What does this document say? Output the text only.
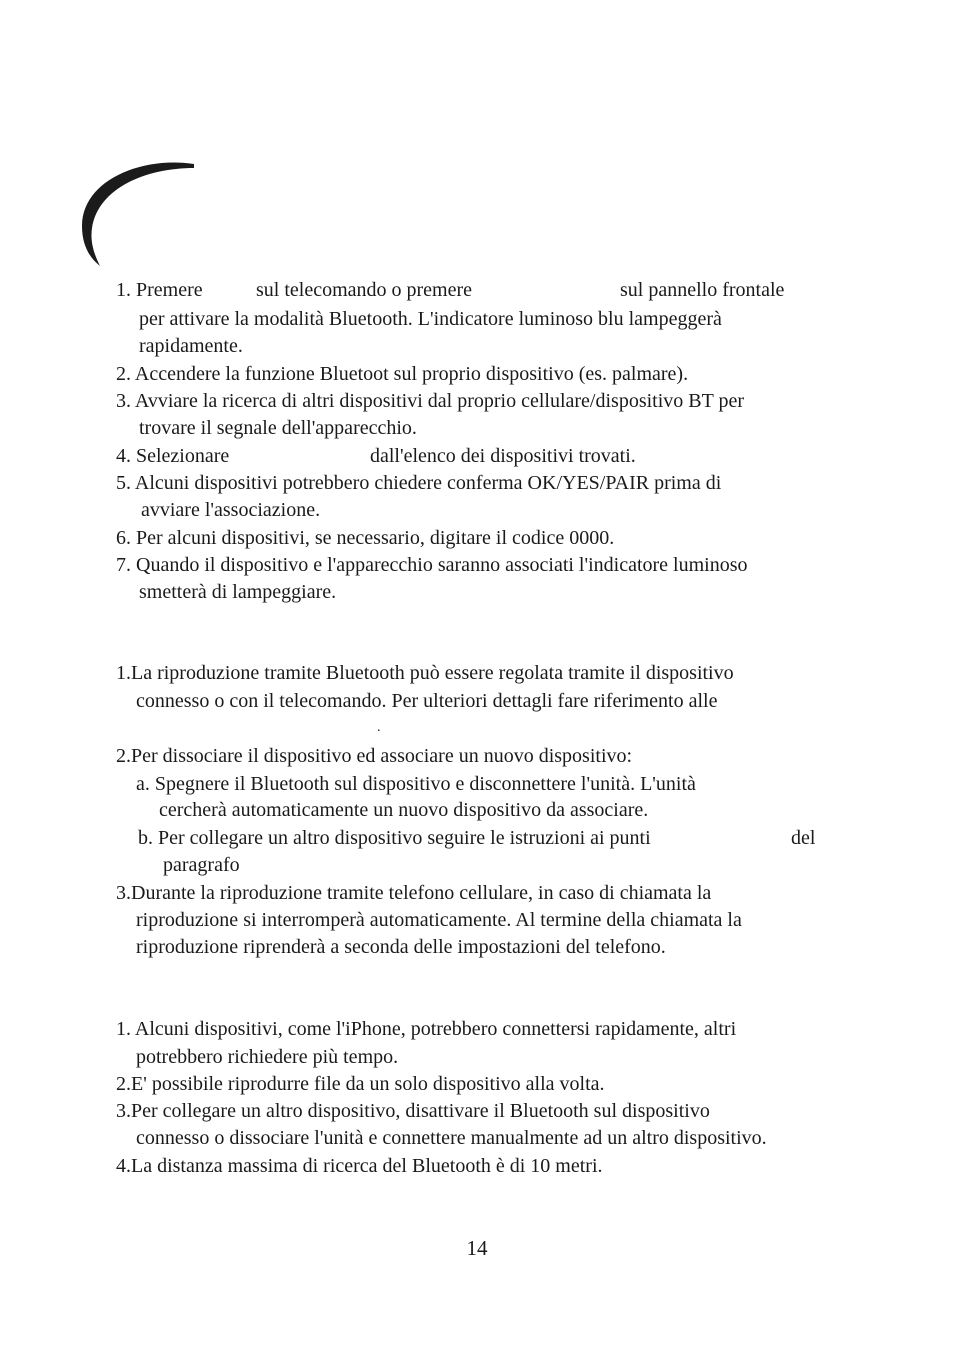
1. Premere	sul telecomando o premere	sul pannello frontale
per attivare la modalità Bluetooth. L'indicatore luminoso blu lampeggerà
rapidamente.
2. Accendere la funzione Bluetoot sul proprio dispositivo (es. palmare).
3. Avviare la ricerca di altri dispositivi dal proprio cellulare/dispositivo BT per
trovare il segnale dell'apparecchio.
4. Selezionare	dall'elenco dei dispositivi trovati.
5. Alcuni dispositivi potrebbero chiedere conferma OK/YES/PAIR prima di
avviare l'associazione.
6. Per alcuni dispositivi, se necessario, digitare il codice 0000.
7. Quando il dispositivo e l'apparecchio saranno associati l'indicatore luminoso
smetterà di lampeggiare.
1.La riproduzione tramite Bluetooth può essere regolata tramite il dispositivo
connesso o con il telecomando. Per ulteriori dettagli fare riferimento alle
.
2.Per dissociare il dispositivo ed associare un nuovo dispositivo:
a. Spegnere il Bluetooth sul dispositivo e disconnettere l'unità. L'unità
cercherà automaticamente un nuovo dispositivo da associare.
b. Per collegare un altro dispositivo seguire le istruzioni ai punti	del
paragrafo
3.Durante la riproduzione tramite telefono cellulare, in caso di chiamata la
riproduzione si interromperà automaticamente. Al termine della chiamata la
riproduzione riprenderà a seconda delle impostazioni del telefono.
1. Alcuni dispositivi, come l'iPhone, potrebbero connettersi rapidamente, altri
potrebbero richiedere più tempo.
2.E' possibile riprodurre file da un solo dispositivo alla volta.
3.Per collegare un altro dispositivo, disattivare il Bluetooth sul dispositivo
connesso o dissociare l'unità e connettere manualmente ad un altro dispositivo.
4.La distanza massima di ricerca del Bluetooth è di 10 metri.
14
